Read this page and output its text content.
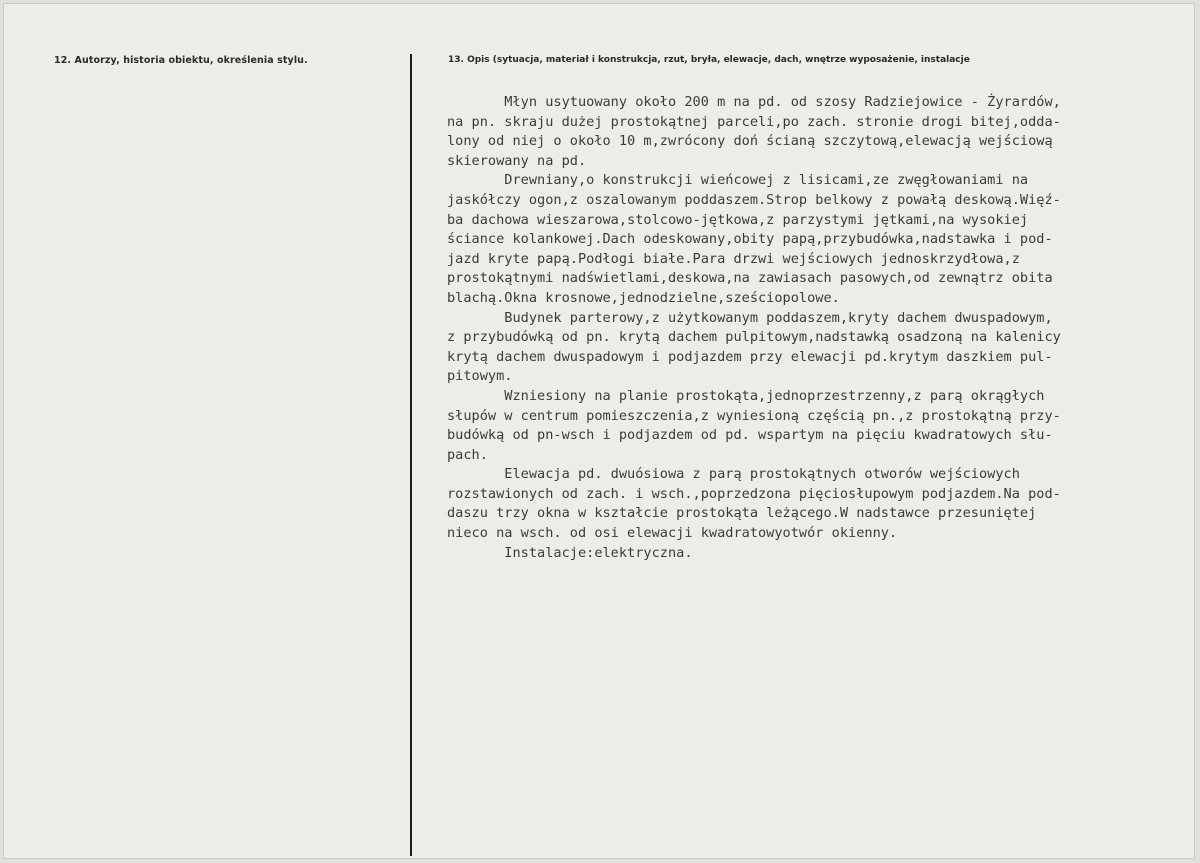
12. Autorzy, historia obiektu, określenia stylu.	13. Opis (sytuacja, materiał i konstrukcja, rzut, bryła, elewacje, dach, wnętrze wyposażenie, instalacje
Młyn usytuowany około 200 m na pd. od szosy Radziejowice - Żyrardów,
na pn. skraju dużej prostokątnej parceli,po zach. stronie drogi bitej,odda-
lony od niej o około 10 m,zwrócony doń ścianą szczytową,elewacją wejściową
skierowany na pd.
Drewniany,o konstrukcji wieńcowej z lisicami,ze zwęgłowaniami na
jaskółczy ogon,z oszalowanym poddaszem.Strop belkowy z powałą deskową.Więź-
ba dachowa wieszarowa,stolcowo-jętkowa,z parzystymi jętkami,na wysokiej
ściance kolankowej.Dach odeskowany,obity papą,przybudówka,nadstawka i pod-
jazd kryte papą.Podłogi białe.Para drzwi wejściowych jednoskrzydłowa,z
prostokątnymi nadświetlami,deskowa,na zawiasach pasowych,od zewnątrz obita
blachą.Okna krosnowe,jednodzielne,sześciopolowe.
Budynek parterowy,z użytkowanym poddaszem,kryty dachem dwuspadowym,
z przybudówką od pn. krytą dachem pulpitowym,nadstawką osadzoną na kalenicy
krytą dachem dwuspadowym i podjazdem przy elewacji pd.krytym daszkiem pul-
pitowym.
Wzniesiony na planie prostokąta,jednoprzestrzenny,z parą okrągłych
słupów w centrum pomieszczenia,z wyniesioną częścią pn.,z prostokątną przy-
budówką od pn-wsch i podjazdem od pd. wspartym na pięciu kwadratowych słu-
pach.
Elewacja pd. dwuósiowa z parą prostokątnych otworów wejściowych
rozstawionych od zach. i wsch.,poprzedzona pięciosłupowym podjazdem.Na pod-
daszu trzy okna w kształcie prostokąta leżącego.W nadstawce przesuniętej
nieco na wsch. od osi elewacji kwadratowyotwór okienny.
Instalacje:elektryczna.
